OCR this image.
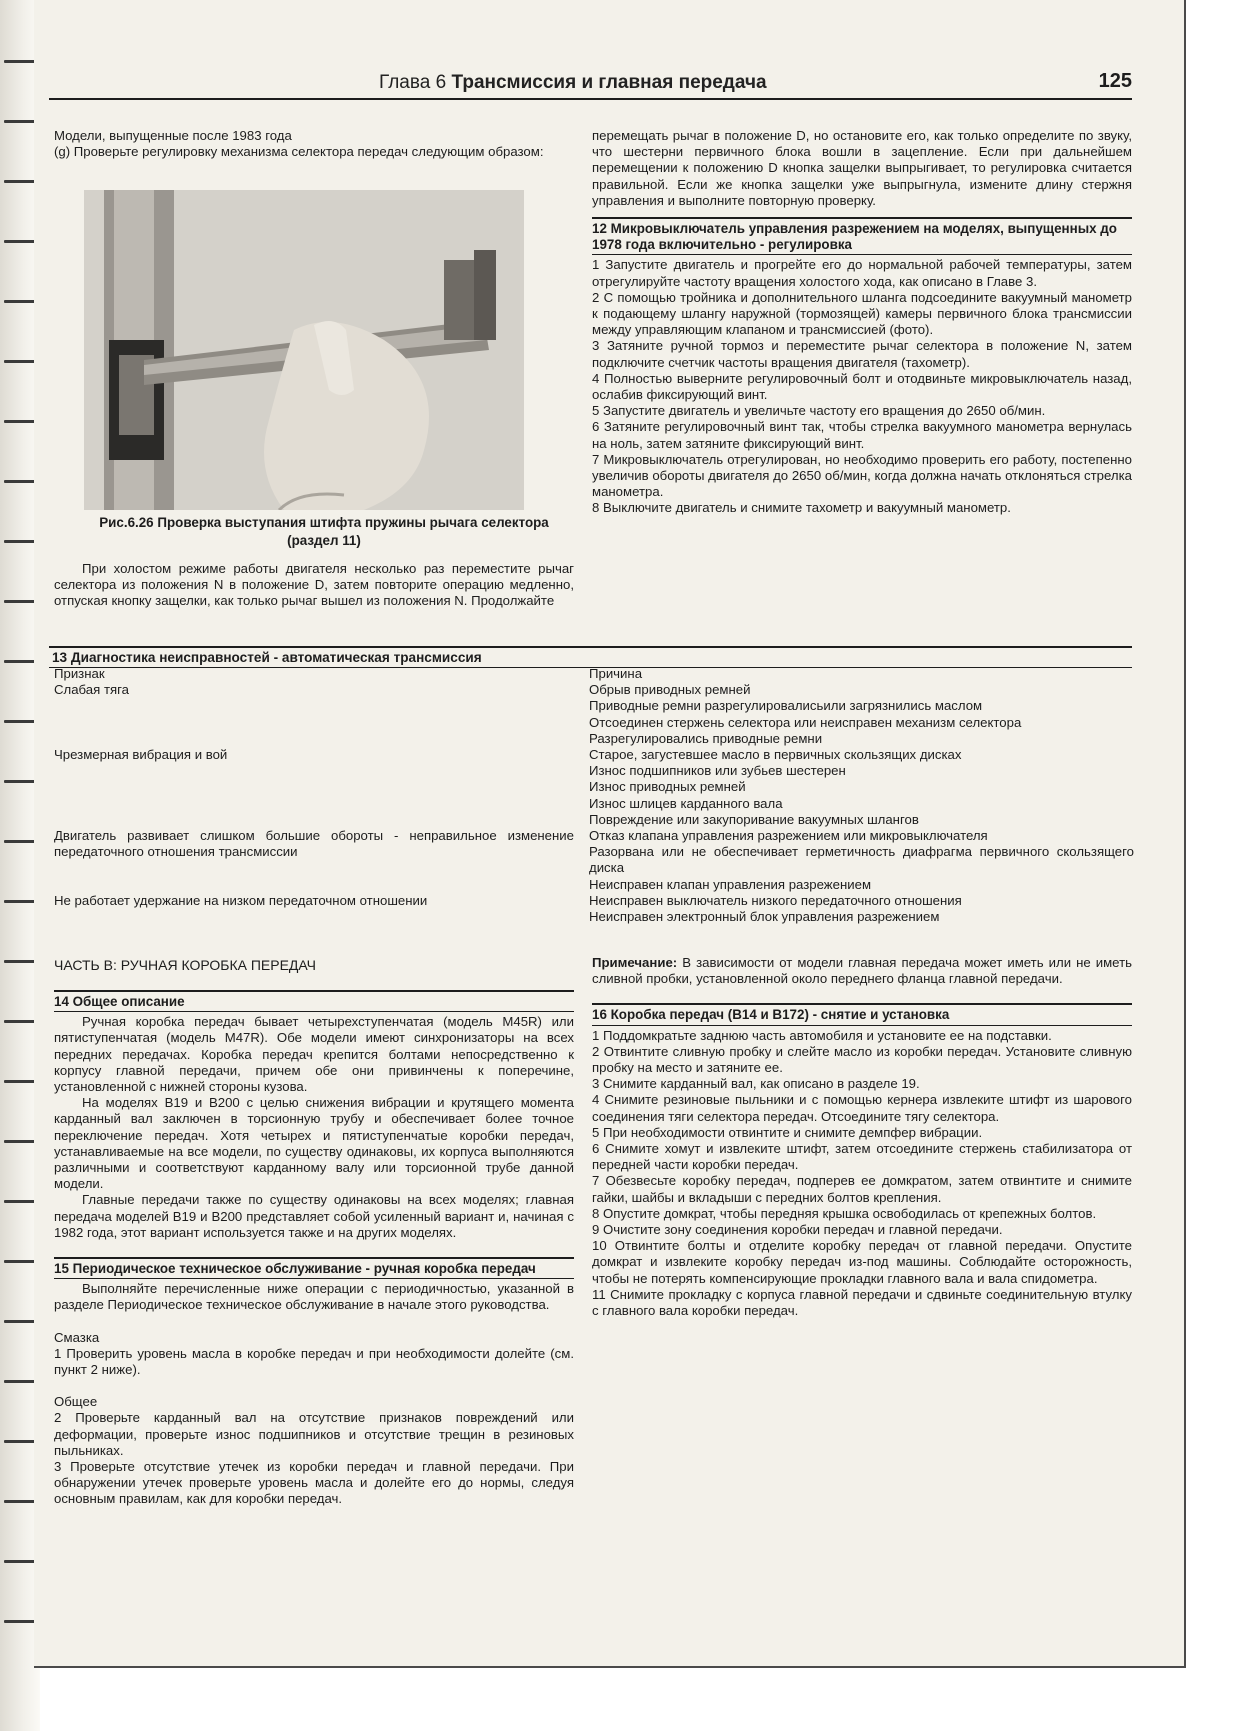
Глава 6 Трансмиссия и главная передача	125

Модели, выпущенные после 1983 года

(g) Проверьте регулировку механизма селектора передач следующим образом:

Рис.6.26 Проверка выступания штифта пружины рычага селектора (раздел 11)

При холостом режиме работы двигателя несколько раз переместите рычаг селектора из положения N в положение D, затем повторите операцию медленно, отпуская кнопку защелки, как только рычаг вышел из положения N. Продолжайте

перемещать рычаг в положение D, но остановите его, как только определите по звуку, что шестерни первичного блока вошли в зацепление. Если при дальнейшем перемещении к положению D кнопка защелки выпрыгивает, то регулировка считается правильной. Если же кнопка защелки уже выпрыгнула, измените длину стержня управления и выполните повторную проверку.

12 Микровыключатель управления разрежением на моделях, выпущенных до 1978 года включительно - регулировка

1 Запустите двигатель и прогрейте его до нормальной рабочей температуры, затем отрегулируйте частоту вращения холостого хода, как описано в Главе 3.

2 С помощью тройника и дополнительного шланга подсоедините вакуумный манометр к подающему шлангу наружной (тормозящей) камеры первичного блока трансмиссии между управляющим клапаном и трансмиссией (фото).

3 Затяните ручной тормоз и переместите рычаг селектора в положение N, затем подключите счетчик частоты вращения двигателя (тахометр).

4 Полностью выверните регулировочный болт и отодвиньте микровыключатель назад, ослабив фиксирующий винт.

5 Запустите двигатель и увеличьте частоту его вращения до 2650 об/мин.

6 Затяните регулировочный винт так, чтобы стрелка вакуумного манометра вернулась на ноль, затем затяните фиксирующий винт.

7 Микровыключатель отрегулирован, но необходимо проверить его работу, постепенно увеличив обороты двигателя до 2650 об/мин, когда должна начать отклоняться стрелка манометра.

8 Выключите двигатель и снимите тахометр и вакуумный манометр.

13 Диагностика неисправностей - автоматическая трансмиссия
Признак
Слабая тяга
Чрезмерная вибрация и вой
Двигатель развивает слишком большие обороты - неправильное изменение передаточного отношения трансмиссии
Не работает удержание на низком передаточном отношении

Причина

Обрыв приводных ремней

Приводные ремни разрегулировалисьили загрязнились маслом

Отсоединен стержень селектора или неисправен механизм селектора

Разрегулировались приводные ремни

Старое, загустевшее масло в первичных скользящих дисках

Износ подшипников или зубьев шестерен

Износ приводных ремней

Износ шлицев карданного вала

Повреждение или закупоривание вакуумных шлангов

Отказ клапана управления разрежением или микровыключателя

Разорвана или не обеспечивает герметичность диафрагма первичного скользящего диска

Неисправен клапан управления разрежением

Неисправен выключатель низкого передаточного отношения

Неисправен электронный блок управления разрежением

ЧАСТЬ В: РУЧНАЯ КОРОБКА ПЕРЕДАЧ
14 Общее описание

Ручная коробка передач бывает четырехступенчатая (модель M45R) или пятиступенчатая (модель M47R). Обе модели имеют синхронизаторы на всех передних передачах. Коробка передач крепится болтами непосредственно к корпусу главной передачи, причем обе они привинчены к поперечине, установленной с нижней стороны кузова.

На моделях B19 и B200 с целью снижения вибрации и крутящего момента карданный вал заключен в торсионную трубу и обеспечивает более точное переключение передач. Хотя четырех и пятиступенчатые коробки передач, устанавливаемые на все модели, по существу одинаковы, их корпуса выполняются различными и соответствуют карданному валу или торсионной трубе данной модели.

Главные передачи также по существу одинаковы на всех моделях; главная передача моделей B19 и B200 представляет собой усиленный вариант и, начиная с 1982 года, этот вариант используется также и на других моделях.

15 Периодическое техническое обслуживание - ручная коробка передач

Выполняйте перечисленные ниже операции с периодичностью, указанной в разделе Периодическое техническое обслуживание в начале этого руководства.

Смазка

1 Проверить уровень масла в коробке передач и при необходимости долейте (см. пункт 2 ниже).

Общее

2 Проверьте карданный вал на отсутствие признаков повреждений или деформации, проверьте износ подшипников и отсутствие трещин в резиновых пыльниках.

3 Проверьте отсутствие утечек из коробки передач и главной передачи. При обнаружении утечек проверьте уровень масла и долейте его до нормы, следуя основным правилам, как для коробки передач.

Примечание: В зависимости от модели главная передача может иметь или не иметь сливной пробки, установленной около переднего фланца главной передачи.

16 Коробка передач (B14 и B172) - снятие и установка

1 Поддомкратьте заднюю часть автомобиля и установите ее на подставки.

2 Отвинтите сливную пробку и слейте масло из коробки передач. Установите сливную пробку на место и затяните ее.

3 Снимите карданный вал, как описано в разделе 19.

4 Снимите резиновые пыльники и с помощью кернера извлеките штифт из шарового соединения тяги селектора передач. Отсоедините тягу селектора.

5 При необходимости отвинтите и снимите демпфер вибрации.

6 Снимите хомут и извлеките штифт, затем отсоедините стержень стабилизатора от передней части коробки передач.

7 Обезвесьте коробку передач, подперев ее домкратом, затем отвинтите и снимите гайки, шайбы и вкладыши с передних болтов крепления.

8 Опустите домкрат, чтобы передняя крышка освободилась от крепежных болтов.

9 Очистите зону соединения коробки передач и главной передачи.

10 Отвинтите болты и отделите коробку передач от главной передачи. Опустите домкрат и извлеките коробку передач из-под машины. Соблюдайте осторожность, чтобы не потерять компенсирующие прокладки главного вала и вала спидометра.

11 Снимите прокладку с корпуса главной передачи и сдвиньте соединительную втулку с главного вала коробки передач.
